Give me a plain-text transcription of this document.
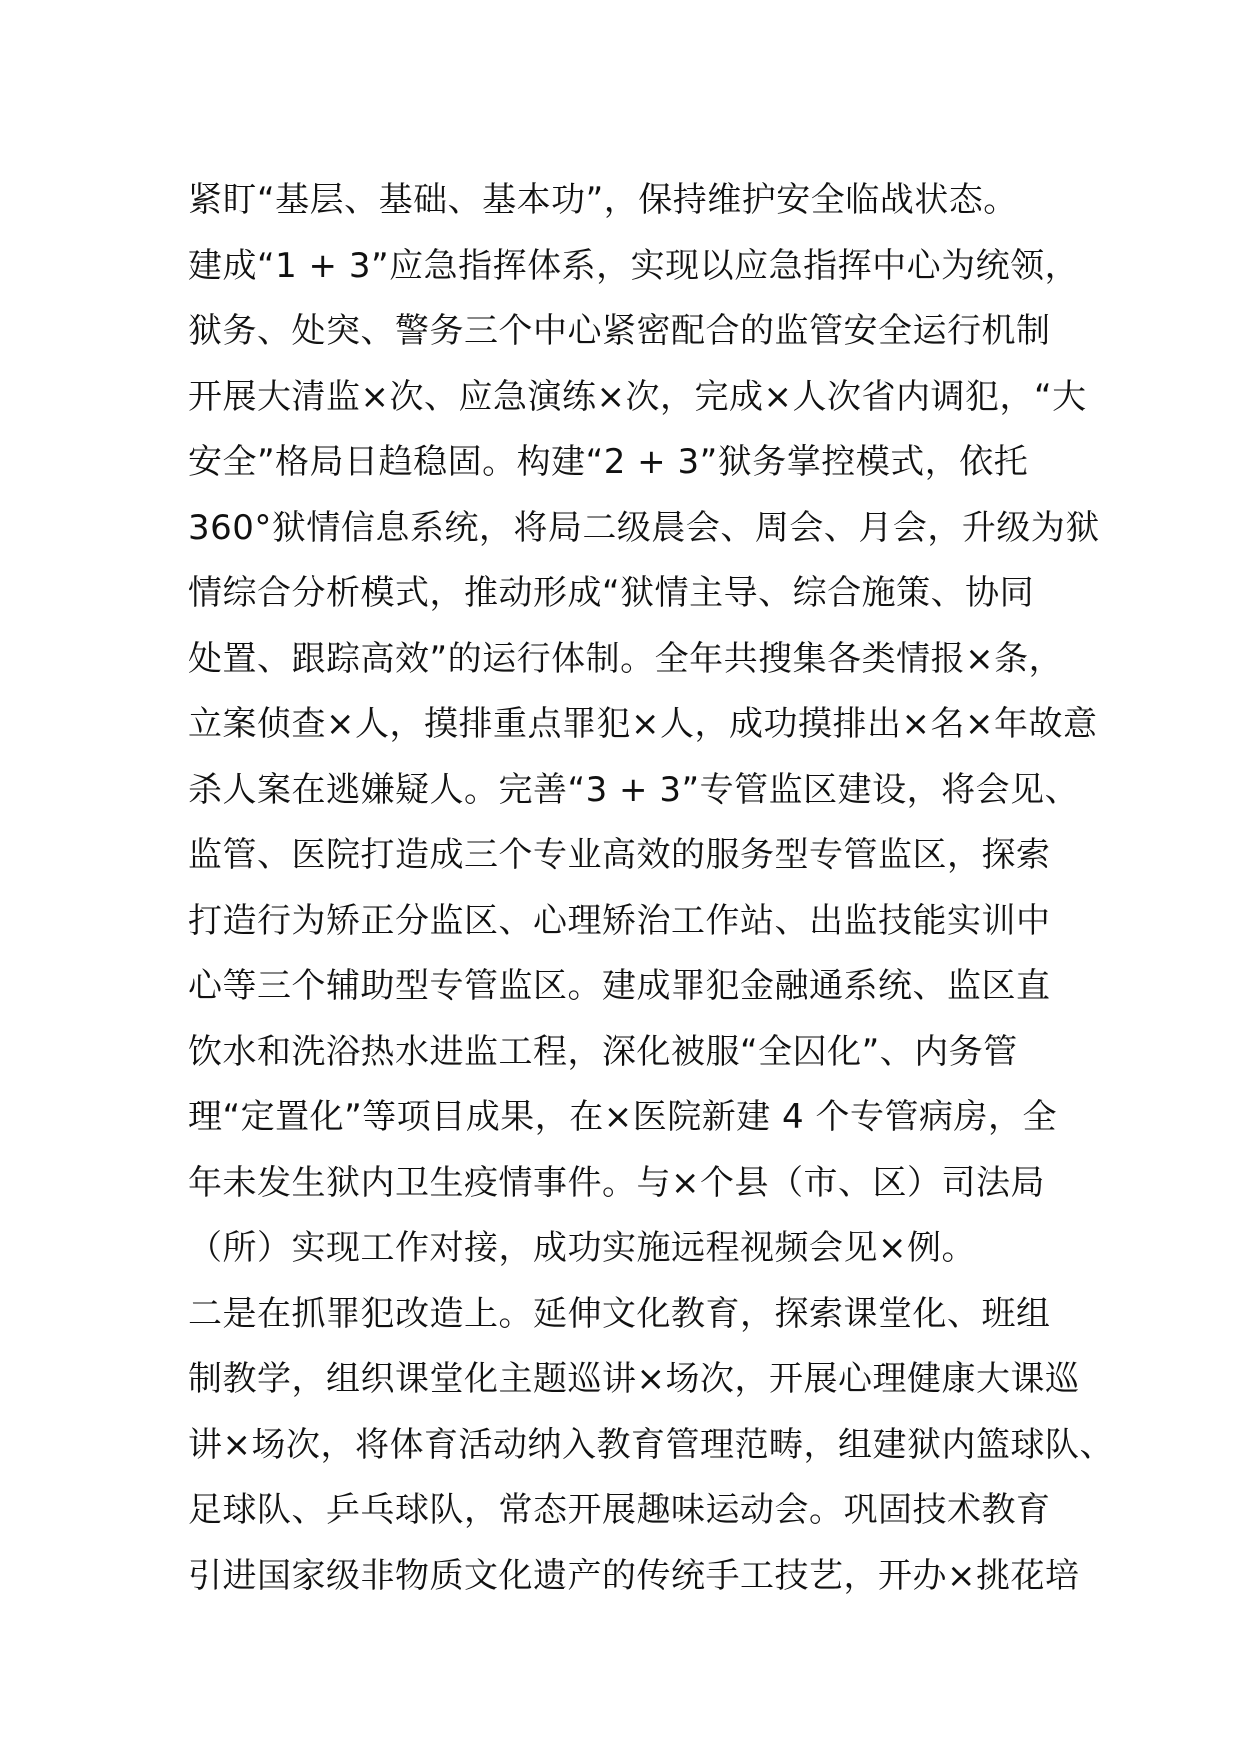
紧盯“基层、基础、基本功”，保持维护安全临战状态。
建成“1 + 3”应急指挥体系，实现以应急指挥中心为统领，
狱务、处突、警务三个中心紧密配合的监管安全运行机制
开展大清监×次、应急演练×次，完成×人次省内调犯，“大
安全”格局日趋稳固。构建“2 + 3”狱务掌控模式，依托
360°狱情信息系统，将局二级晨会、周会、月会，升级为狱
情综合分析模式，推动形成“狱情主导、综合施策、协同
处置、跟踪高效”的运行体制。全年共搜集各类情报×条，
立案侦查×人，摸排重点罪犯×人，成功摸排出×名×年故意
杀人案在逃嫌疑人。完善“3 + 3”专管监区建设，将会见、
监管、医院打造成三个专业高效的服务型专管监区，探索
打造行为矫正分监区、心理矫治工作站、出监技能实训中
心等三个辅助型专管监区。建成罪犯金融通系统、监区直
饮水和洗浴热水进监工程，深化被服“全囚化”、内务管
理“定置化”等项目成果，在×医院新建 4 个专管病房，全
年未发生狱内卫生疫情事件。与×个县（市、区）司法局
（所）实现工作对接，成功实施远程视频会见×例。
二是在抓罪犯改造上。延伸文化教育，探索课堂化、班组
制教学，组织课堂化主题巡讲×场次，开展心理健康大课巡
讲×场次，将体育活动纳入教育管理范畴，组建狱内篮球队、
足球队、乒乓球队，常态开展趣味运动会。巩固技术教育
引进国家级非物质文化遗产的传统手工技艺，开办×挑花培
